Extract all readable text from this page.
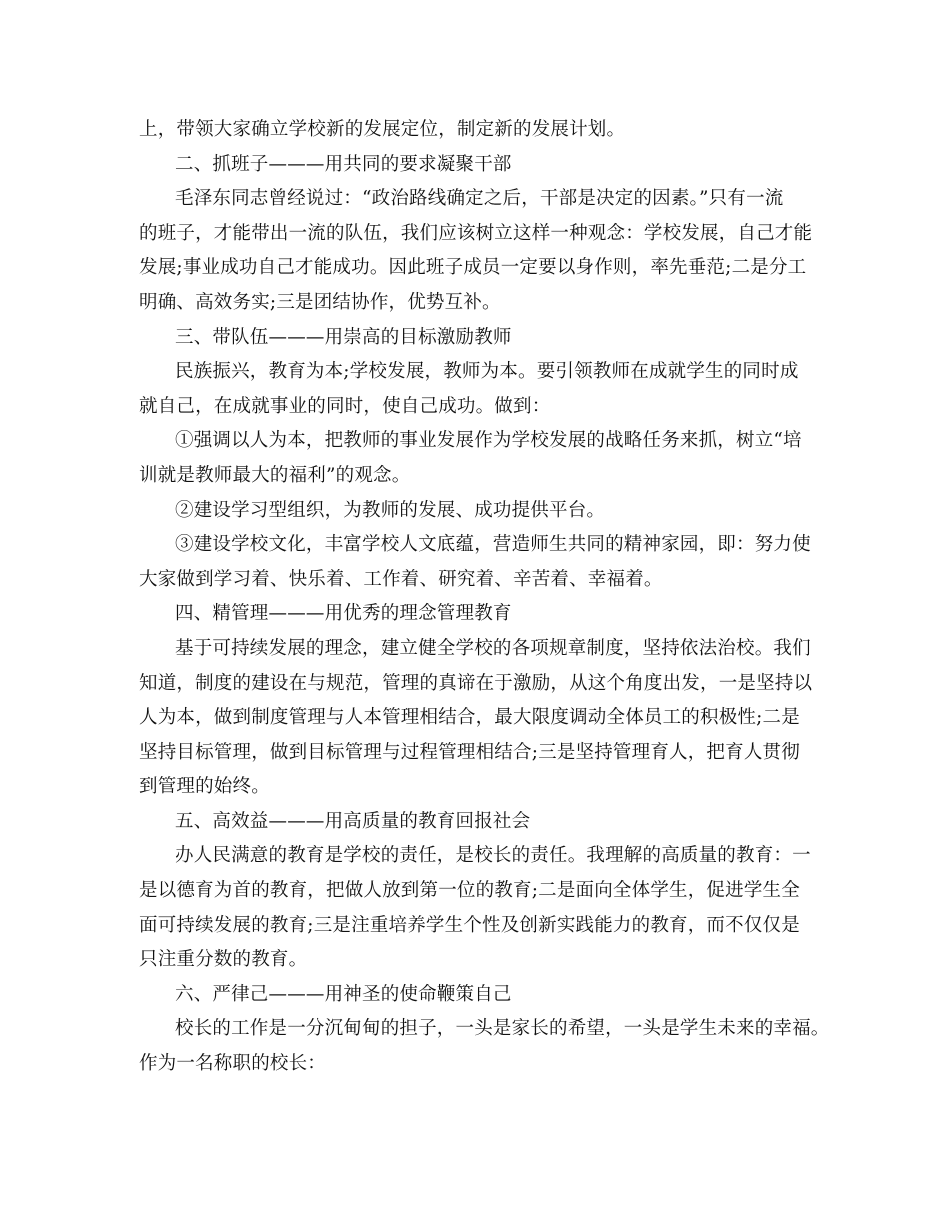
上，带领大家确立学校新的发展定位，制定新的发展计划。
二、抓班子———用共同的要求凝聚干部
毛泽东同志曾经说过：“政治路线确定之后，干部是决定的因素。”只有一流
的班子，才能带出一流的队伍，我们应该树立这样一种观念：学校发展，自己才能
发展;事业成功自己才能成功。因此班子成员一定要以身作则，率先垂范;二是分工
明确、高效务实;三是团结协作，优势互补。
三、带队伍———用崇高的目标激励教师
民族振兴，教育为本;学校发展，教师为本。要引领教师在成就学生的同时成
就自己，在成就事业的同时，使自己成功。做到：
①强调以人为本，把教师的事业发展作为学校发展的战略任务来抓，树立“培
训就是教师最大的福利”的观念。
②建设学习型组织，为教师的发展、成功提供平台。
③建设学校文化，丰富学校人文底蕴，营造师生共同的精神家园，即：努力使
大家做到学习着、快乐着、工作着、研究着、辛苦着、幸福着。
四、精管理———用优秀的理念管理教育
基于可持续发展的理念，建立健全学校的各项规章制度，坚持依法治校。我们
知道，制度的建设在与规范，管理的真谛在于激励，从这个角度出发，一是坚持以
人为本，做到制度管理与人本管理相结合，最大限度调动全体员工的积极性;二是
坚持目标管理，做到目标管理与过程管理相结合;三是坚持管理育人，把育人贯彻
到管理的始终。
五、高效益———用高质量的教育回报社会
办人民满意的教育是学校的责任，是校长的责任。我理解的高质量的教育：一
是以德育为首的教育，把做人放到第一位的教育;二是面向全体学生，促进学生全
面可持续发展的教育;三是注重培养学生个性及创新实践能力的教育，而不仅仅是
只注重分数的教育。
六、严律己———用神圣的使命鞭策自己
校长的工作是一分沉甸甸的担子，一头是家长的希望，一头是学生未来的幸福。
作为一名称职的校长：
